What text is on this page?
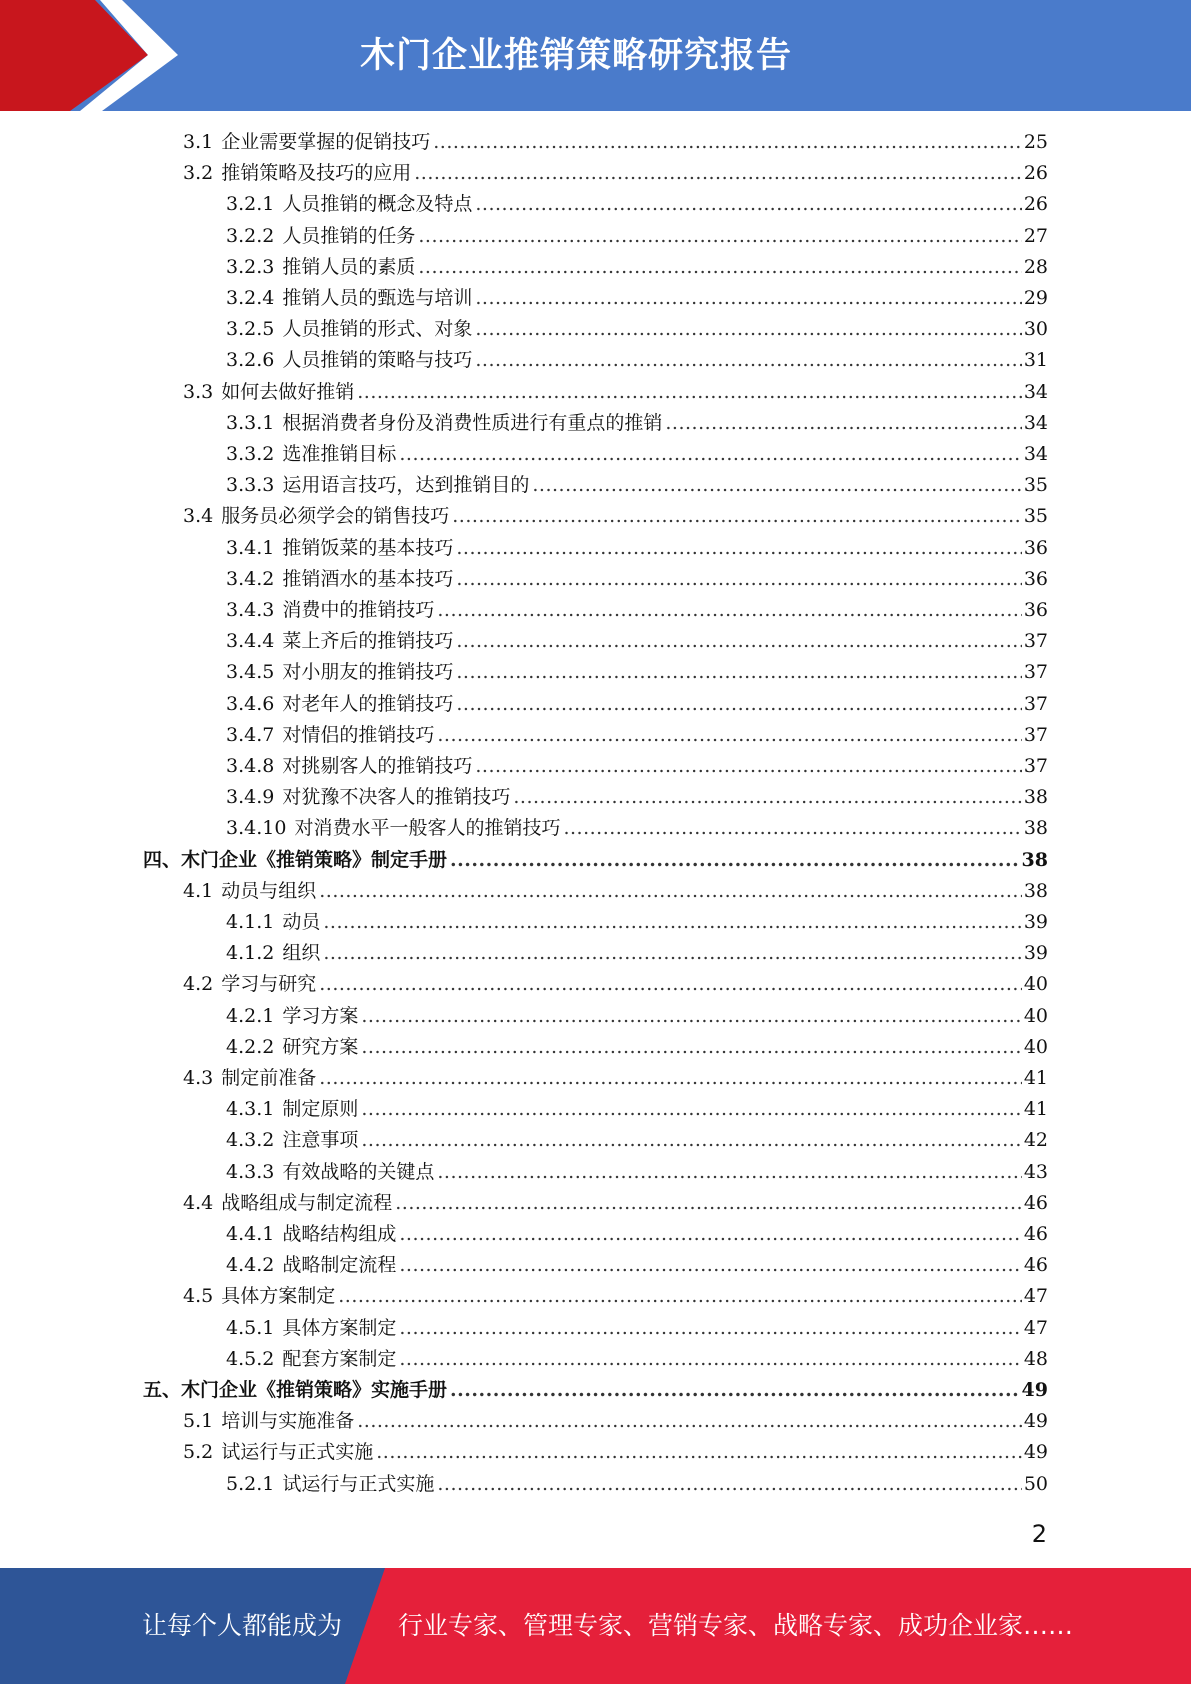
木门企业推销策略研究报告
3.1 企业需要掌握的促销技巧 .....	25
3.2 推销策略及技巧的应用 .....	26
3.2.1 人员推销的概念及特点 .....	26
3.2.2 人员推销的任务 .....	27
3.2.3 推销人员的素质 .....	28
3.2.4 推销人员的甄选与培训 .....	29
3.2.5 人员推销的形式、对象 .....	30
3.2.6 人员推销的策略与技巧 .....	31
3.3 如何去做好推销 .....	34
3.3.1 根据消费者身份及消费性质进行有重点的推销 .....	34
3.3.2 选准推销目标 .....	34
3.3.3 运用语言技巧，达到推销目的 .....	35
3.4 服务员必须学会的销售技巧 .....	35
3.4.1 推销饭菜的基本技巧 .....	36
3.4.2 推销酒水的基本技巧 .....	36
3.4.3 消费中的推销技巧 .....	36
3.4.4 菜上齐后的推销技巧 .....	37
3.4.5 对小朋友的推销技巧 .....	37
3.4.6 对老年人的推销技巧 .....	37
3.4.7 对情侣的推销技巧 .....	37
3.4.8 对挑剔客人的推销技巧 .....	37
3.4.9 对犹豫不决客人的推销技巧 .....	38
3.4.10 对消费水平一般客人的推销技巧 .....	38
四、木门企业《推销策略》制定手册 .....	38
4.1 动员与组织 .....	38
4.1.1 动员 .....	39
4.1.2 组织 .....	39
4.2 学习与研究 .....	40
4.2.1 学习方案 .....	40
4.2.2 研究方案 .....	40
4.3 制定前准备 .....	41
4.3.1 制定原则 .....	41
4.3.2 注意事项 .....	42
4.3.3 有效战略的关键点 .....	43
4.4 战略组成与制定流程 .....	46
4.4.1 战略结构组成 .....	46
4.4.2 战略制定流程 .....	46
4.5 具体方案制定 .....	47
4.5.1 具体方案制定 .....	47
4.5.2 配套方案制定 .....	48
五、木门企业《推销策略》实施手册 .....	49
5.1 培训与实施准备 .....	49
5.2 试运行与正式实施 .....	49
5.2.1 试运行与正式实施 .....	50
2
让每个人都能成为 行业专家、管理专家、营销专家、战略专家、成功企业家……
